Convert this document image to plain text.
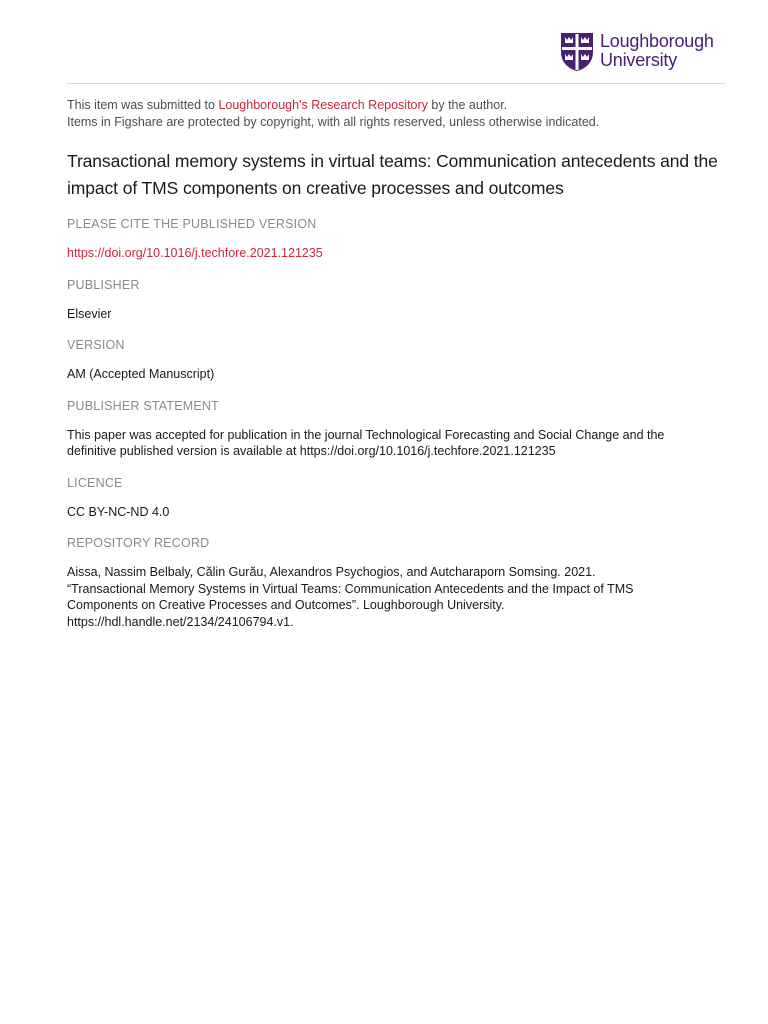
Loughborough
University

This item was submitted to Loughborough's Research Repository by the author.

Items in Figshare are protected by copyright, with all rights reserved, unless otherwise indicated.

Transactional memory systems in virtual teams: Communication antecedents and the impact of TMS components on creative processes and outcomes

PLEASE CITE THE PUBLISHED VERSION

https://doi.org/10.1016/j.techfore.2021.121235

PUBLISHER

Elsevier

VERSION

AM (Accepted Manuscript)

PUBLISHER STATEMENT

This paper was accepted for publication in the journal Technological Forecasting and Social Change and the

definitive published version is available at https://doi.org/10.1016/j.techfore.2021.121235

LICENCE

CC BY-NC-ND 4.0

REPOSITORY RECORD

Aissa, Nassim Belbaly, Călin Gurău, Alexandros Psychogios, and Autcharaporn Somsing. 2021.

“Transactional Memory Systems in Virtual Teams: Communication Antecedents and the Impact of TMS

Components on Creative Processes and Outcomes”. Loughborough University.

https://hdl.handle.net/2134/24106794.v1.
